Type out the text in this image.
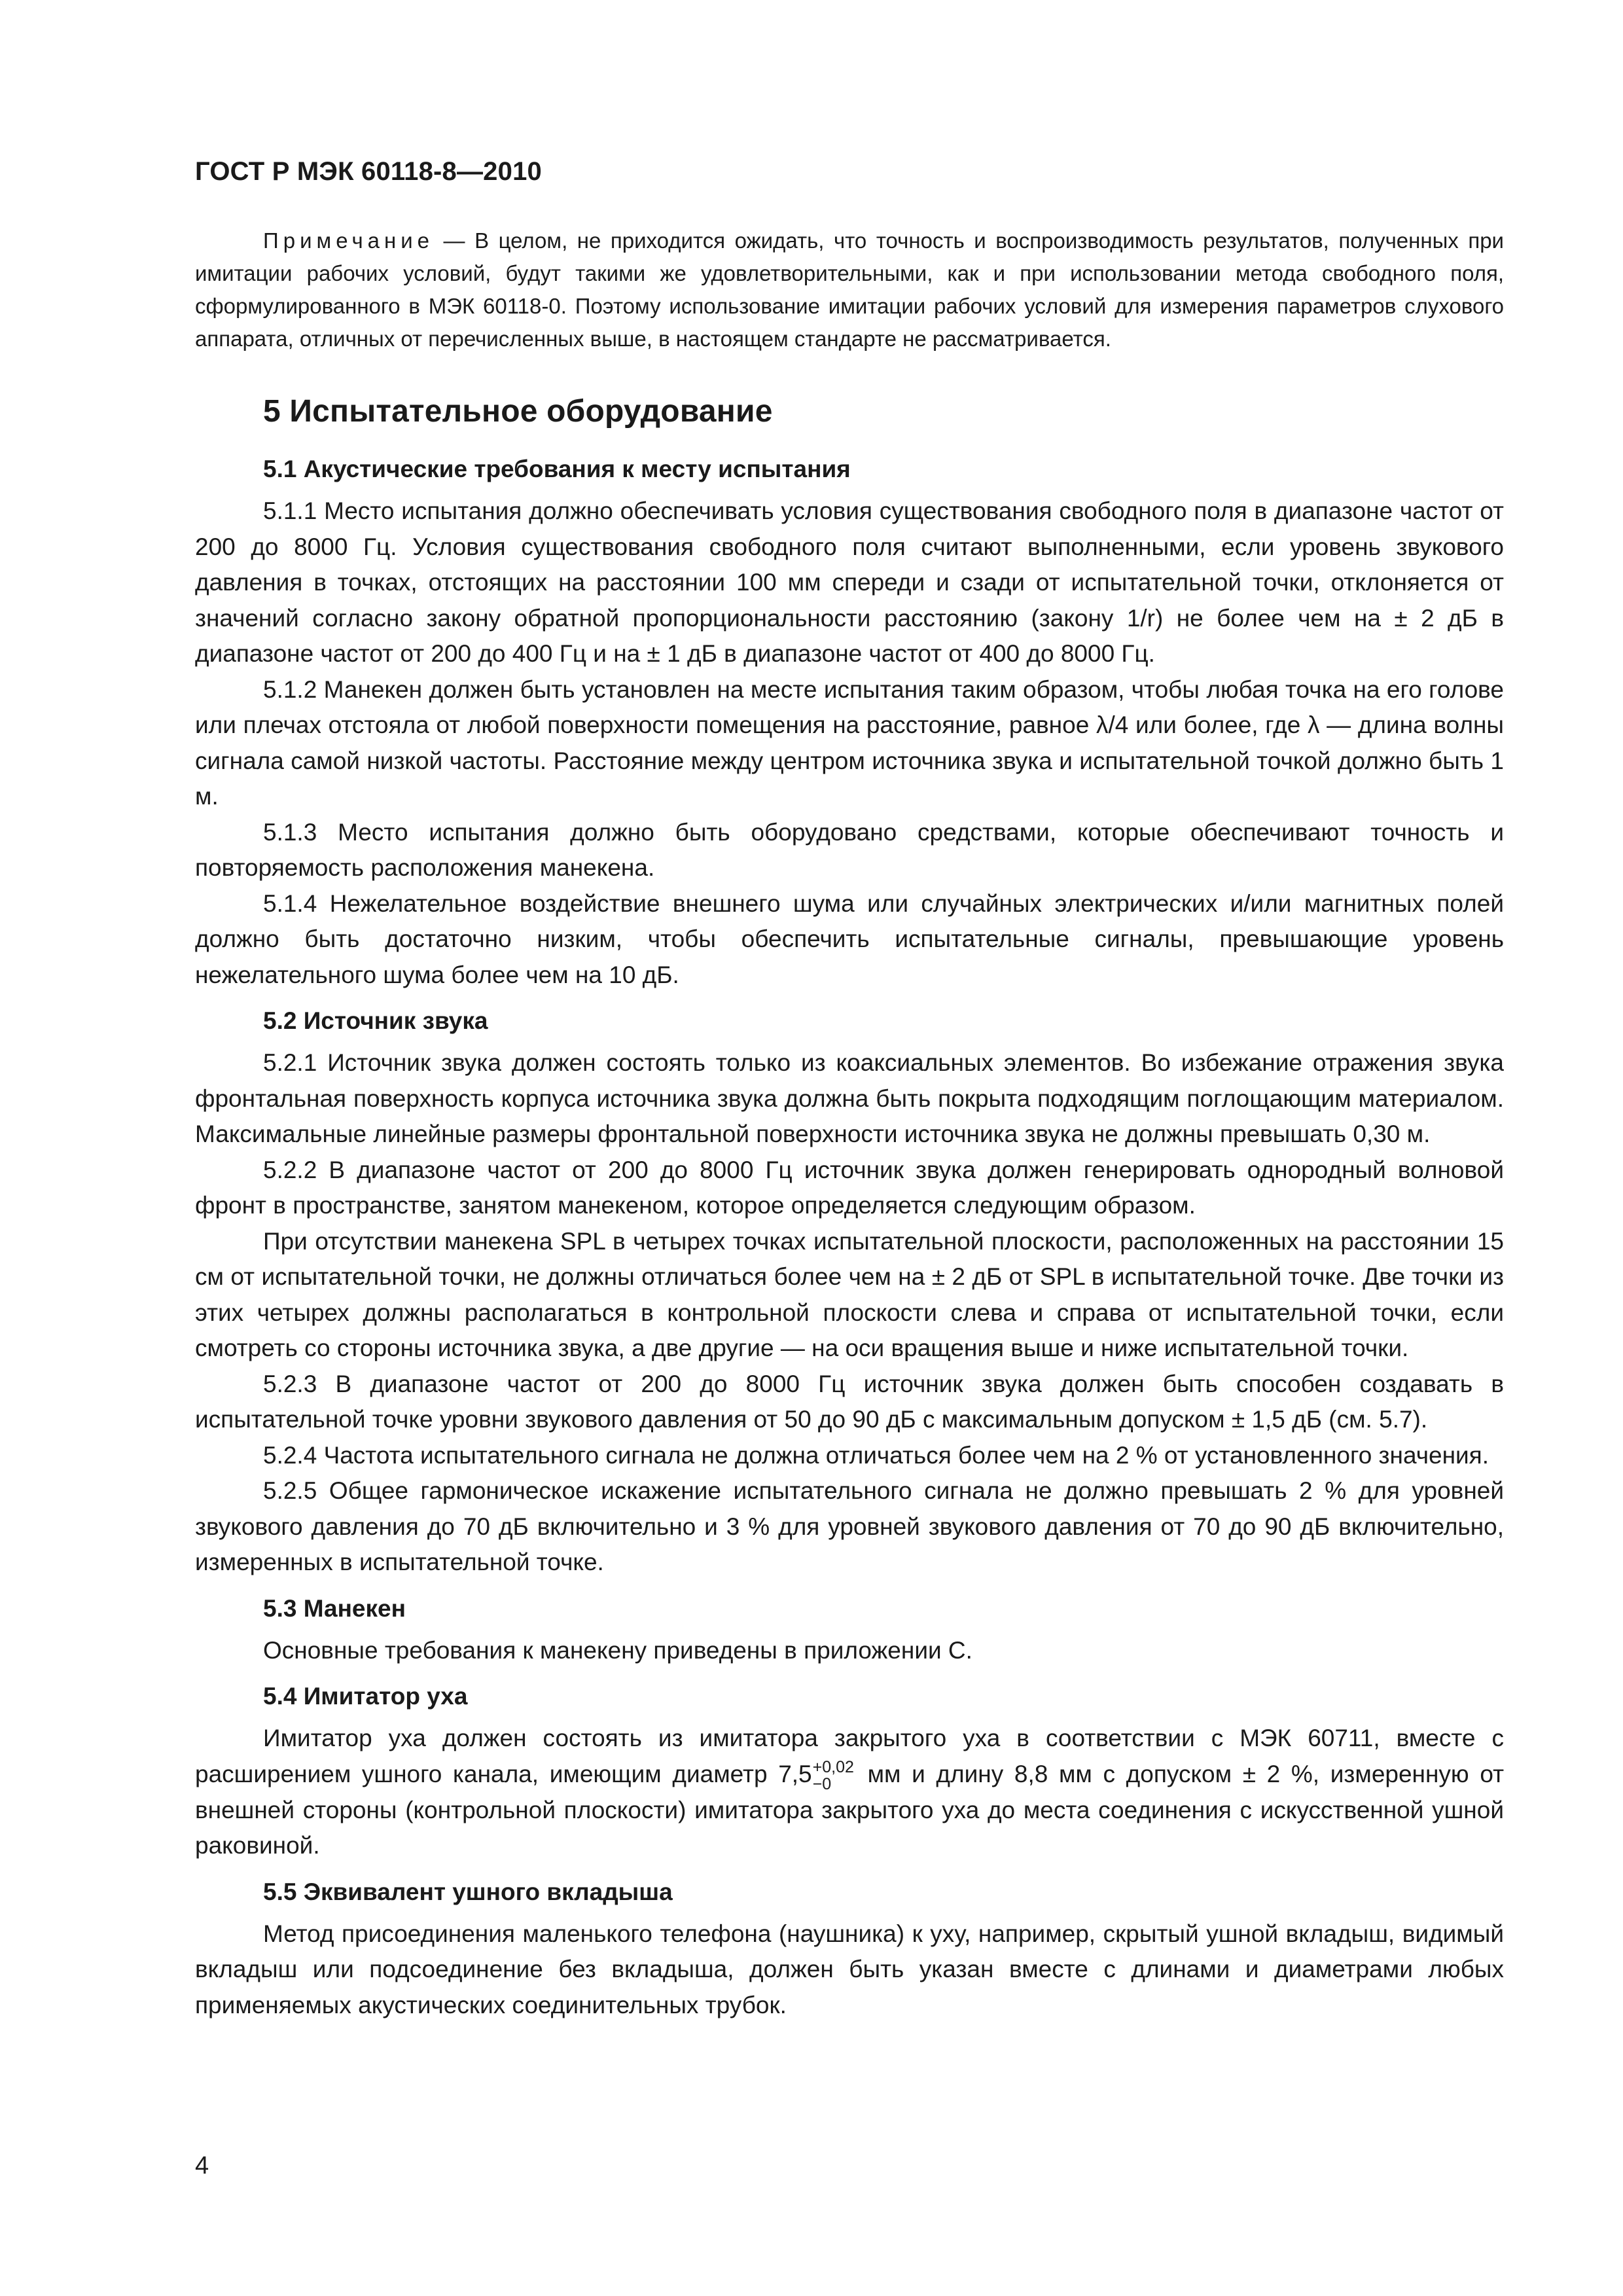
ГОСТ Р МЭК 60118-8—2010

Примечание — В целом, не приходится ожидать, что точность и воспроизводимость результатов, полученных при имитации рабочих условий, будут такими же удовлетворительными, как и при использовании метода свободного поля, сформулированного в МЭК 60118-0. Поэтому использование имитации рабочих условий для измерения параметров слухового аппарата, отличных от перечисленных выше, в настоящем стандарте не рассматривается.

5 Испытательное оборудование
5.1 Акустические требования к месту испытания

5.1.1 Место испытания должно обеспечивать условия существования свободного поля в диапазоне частот от 200 до 8000 Гц. Условия существования свободного поля считают выполненными, если уровень звукового давления в точках, отстоящих на расстоянии 100 мм спереди и сзади от испытательной точки, отклоняется от значений согласно закону обратной пропорциональности расстоянию (закону 1/r) не более чем на ± 2 дБ в диапазоне частот от 200 до 400 Гц и на ± 1 дБ в диапазоне частот от 400 до 8000 Гц.

5.1.2 Манекен должен быть установлен на месте испытания таким образом, чтобы любая точка на его голове или плечах отстояла от любой поверхности помещения на расстояние, равное λ/4 или более, где λ — длина волны сигнала самой низкой частоты. Расстояние между центром источника звука и испытательной точкой должно быть 1 м.

5.1.3 Место испытания должно быть оборудовано средствами, которые обеспечивают точность и повторяемость расположения манекена.

5.1.4 Нежелательное воздействие внешнего шума или случайных электрических и/или магнитных полей должно быть достаточно низким, чтобы обеспечить испытательные сигналы, превышающие уровень нежелательного шума более чем на 10 дБ.

5.2 Источник звука

5.2.1 Источник звука должен состоять только из коаксиальных элементов. Во избежание отражения звука фронтальная поверхность корпуса источника звука должна быть покрыта подходящим поглощающим материалом. Максимальные линейные размеры фронтальной поверхности источника звука не должны превышать 0,30 м.

5.2.2 В диапазоне частот от 200 до 8000 Гц источник звука должен генерировать однородный волновой фронт в пространстве, занятом манекеном, которое определяется следующим образом.

При отсутствии манекена SPL в четырех точках испытательной плоскости, расположенных на расстоянии 15 см от испытательной точки, не должны отличаться более чем на ± 2 дБ от SPL в испытательной точке. Две точки из этих четырех должны располагаться в контрольной плоскости слева и справа от испытательной точки, если смотреть со стороны источника звука, а две другие — на оси вращения выше и ниже испытательной точки.

5.2.3 В диапазоне частот от 200 до 8000 Гц источник звука должен быть способен создавать в испытательной точке уровни звукового давления от 50 до 90 дБ с максимальным допуском ± 1,5 дБ (см. 5.7).

5.2.4 Частота испытательного сигнала не должна отличаться более чем на 2 % от установленного значения.

5.2.5 Общее гармоническое искажение испытательного сигнала не должно превышать 2 % для уровней звукового давления до 70 дБ включительно и 3 % для уровней звукового давления от 70 до 90 дБ включительно, измеренных в испытательной точке.

5.3 Манекен

Основные требования к манекену приведены в приложении С.

5.4 Имитатор уха

Имитатор уха должен состоять из имитатора закрытого уха в соответствии с МЭК 60711, вместе с расширением ушного канала, имеющим диаметр 7,5 +0,02
−0	мм и длину 8,8 мм с допуском ± 2 %, измеренную от внешней стороны (контрольной плоскости) имитатора закрытого уха до места соединения с искусственной ушной раковиной.

5.5 Эквивалент ушного вкладыша

Метод присоединения маленького телефона (наушника) к уху, например, скрытый ушной вкладыш, видимый вкладыш или подсоединение без вкладыша, должен быть указан вместе с длинами и диаметрами любых применяемых акустических соединительных трубок.

4
